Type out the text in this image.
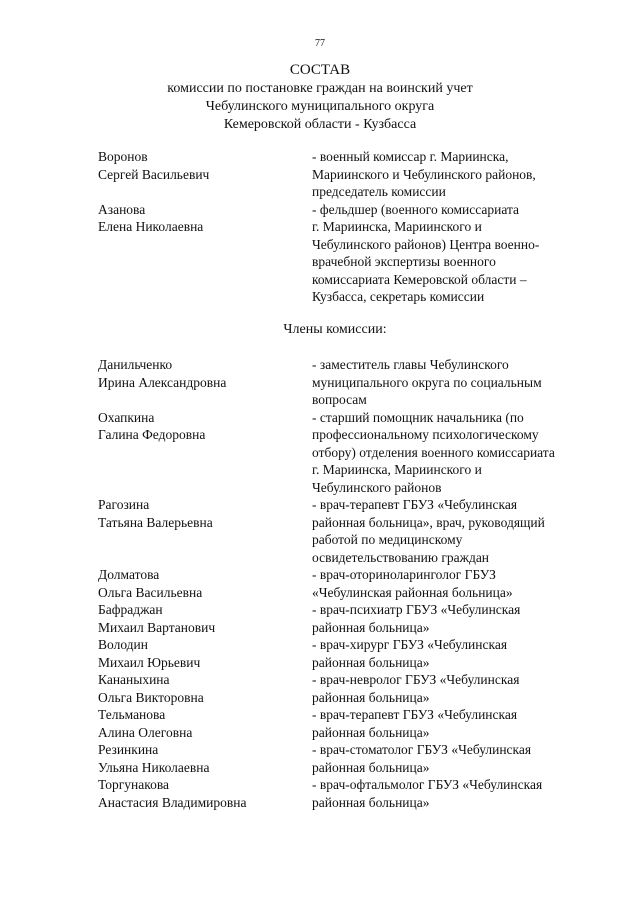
77
СОСТАВ
комиссии по постановке граждан на воинский учет
Чебулинского муниципального округа
Кемеровской области - Кузбасса
Воронов
Сергей Васильевич
- военный комиссар г. Мариинска,
Мариинского и Чебулинского районов,
председатель комиссии
Азанова
Елена Николаевна
- фельдшер (военного комиссариата
г. Мариинска, Мариинского и
Чебулинского районов) Центра военно-
врачебной экспертизы военного
комиссариата Кемеровской области –
Кузбасса, секретарь комиссии
Члены комиссии:
Данильченко
Ирина Александровна
- заместитель главы Чебулинского
муниципального округа по социальным
вопросам
Охапкина
Галина Федоровна
- старший помощник начальника (по
профессиональному психологическому
отбору) отделения военного комиссариата
г. Мариинска, Мариинского и
Чебулинского районов
Рагозина
Татьяна Валерьевна
- врач-терапевт ГБУЗ «Чебулинская
районная больница», врач, руководящий
работой по медицинскому
освидетельствованию граждан
Долматова
Ольга Васильевна
- врач-оториноларинголог ГБУЗ
«Чебулинская районная больница»
Бафраджан
Михаил Вартанович
- врач-психиатр ГБУЗ «Чебулинская
районная больница»
Володин
Михаил Юрьевич
- врач-хирург ГБУЗ «Чебулинская
районная больница»
Кананыхина
Ольга Викторовна
- врач-невролог ГБУЗ «Чебулинская
районная больница»
Тельманова
Алина Олеговна
- врач-терапевт ГБУЗ «Чебулинская
районная больница»
Резинкина
Ульяна Николаевна
- врач-стоматолог ГБУЗ «Чебулинская
районная больница»
Торгунакова
Анастасия Владимировна
- врач-офтальмолог ГБУЗ «Чебулинская
районная больница»
